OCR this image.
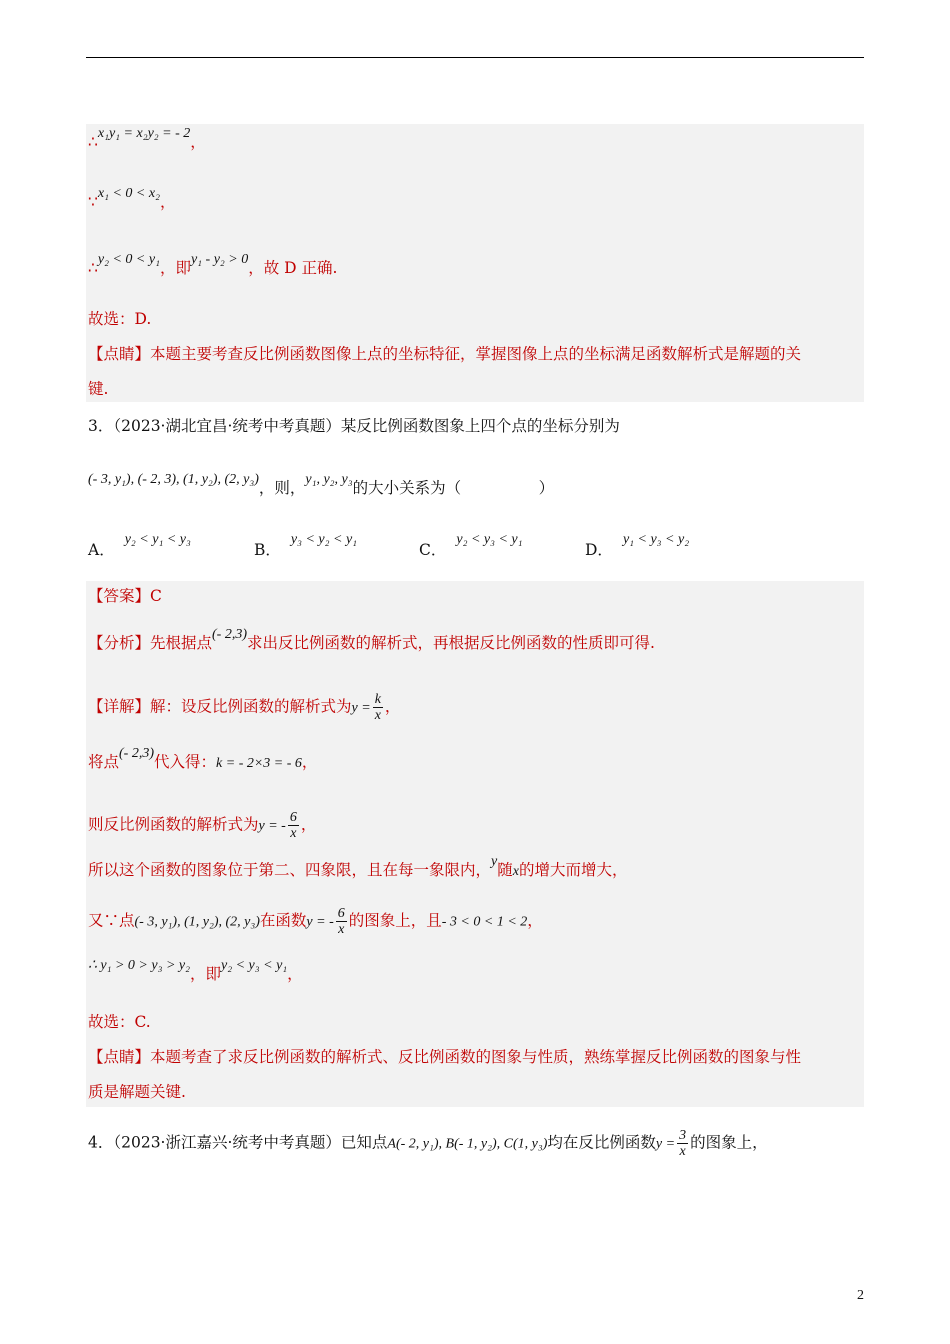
∴x₁y₁ = x₂y₂ = - 2，
∵x₁ < 0 < x₂，
∴y₂ < 0 < y₁，即y₁ - y₂ > 0，故 D 正确.
故选：D.
【点睛】本题主要考查反比例函数图像上点的坐标特征，掌握图像上点的坐标满足函数解析式是解题的关
键.
3．（2023·湖北宜昌·统考中考真题）某反比例函数图象上四个点的坐标分别为
(- 3, y₁), (- 2, 3), (1, y₂), (2, y₃)，则，y₁, y₂, y₃的大小关系为（　　　　　）
A．y₂ < y₁ < y₃
B．y₃ < y₂ < y₁
C．y₂ < y₃ < y₁
D．y₁ < y₃ < y₂
【答案】C
【分析】先根据点(- 2,3)求出反比例函数的解析式，再根据反比例函数的性质即可得.
【详解】解：设反比例函数的解析式为$y = \frac{k}{x}$ ，
将点(- 2,3)代入得：k = - 2×3 = - 6，
则反比例函数的解析式为y = - $\frac{6}{x}$ ，
所以这个函数的图象位于第二、四象限，且在每一象限内，y随x的增大而增大，
又∵点(- 3, y₁), (1, y₂), (2, y₃)在函数y = - $\frac{6}{x}$ 的图象上，且- 3 < 0 < 1 < 2，
∴ y₁ > 0 > y₃ > y₂，即y₂ < y₃ < y₁，
故选：C.
【点睛】本题考查了求反比例函数的解析式、反比例函数的图象与性质，熟练掌握反比例函数的图象与性
质是解题关键.
4．（2023·浙江嘉兴·统考中考真题）已知点A(- 2, y₁), B(- 1, y₂), C(1, y₃)均在反比例函数$y = \frac{3}{x}$ 的图象上，
2
